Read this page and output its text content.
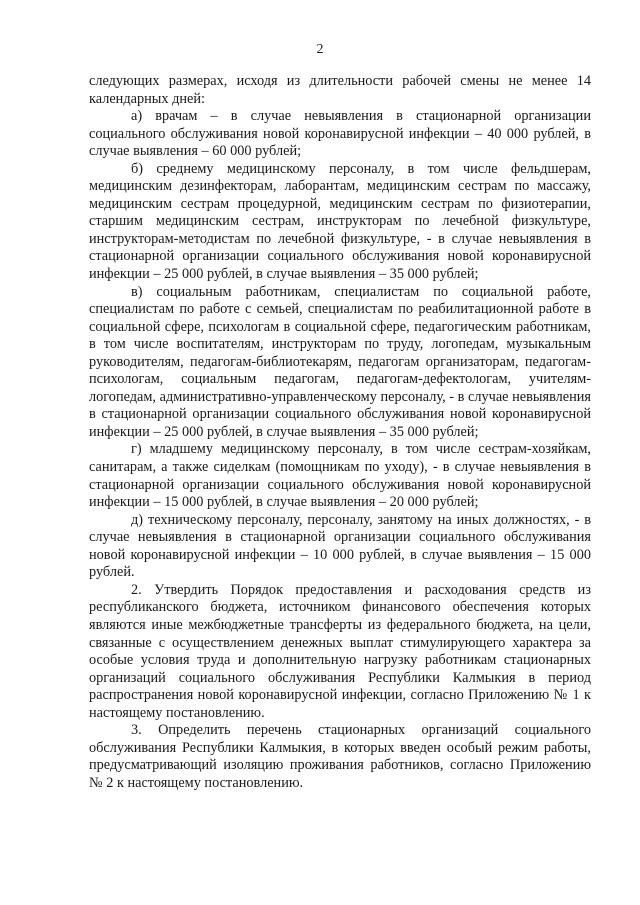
2

следующих размерах, исходя из длительности рабочей смены не менее 14 календарных дней:

а) врачам – в случае невыявления в стационарной организации социального обслуживания новой коронавирусной инфекции – 40 000 рублей, в случае выявления – 60 000 рублей;

б) среднему медицинскому персоналу, в том числе фельдшерам, медицинским дезинфекторам, лаборантам, медицинским сестрам по массажу, медицинским сестрам процедурной, медицинским сестрам по физиотерапии, старшим медицинским сестрам, инструкторам по лечебной физкультуре, инструкторам-методистам по лечебной физкультуре, - в случае невыявления в стационарной организации социального обслуживания новой коронавирусной инфекции – 25 000 рублей, в случае выявления – 35 000 рублей;

в) социальным работникам, специалистам по социальной работе, специалистам по работе с семьей, специалистам по реабилитационной работе в социальной сфере, психологам в социальной сфере, педагогическим работникам, в том числе воспитателям, инструкторам по труду, логопедам, музыкальным руководителям, педагогам-библиотекарям, педагогам организаторам, педагогам-психологам, социальным педагогам, педагогам-дефектологам, учителям-логопедам, административно-управленческому персоналу, - в случае невыявления в стационарной организации социального обслуживания новой коронавирусной инфекции – 25 000 рублей, в случае выявления – 35 000 рублей;

г) младшему медицинскому персоналу, в том числе сестрам-хозяйкам, санитарам, а также сиделкам (помощникам по уходу), - в случае невыявления в стационарной организации социального обслуживания новой коронавирусной инфекции – 15 000 рублей, в случае выявления – 20 000 рублей;

д) техническому персоналу, персоналу, занятому на иных должностях, - в случае невыявления в стационарной организации социального обслуживания новой коронавирусной инфекции – 10 000 рублей, в случае выявления – 15 000 рублей.

2. Утвердить Порядок предоставления и расходования средств из республиканского бюджета, источником финансового обеспечения которых являются иные межбюджетные трансферты из федерального бюджета, на цели, связанные с осуществлением денежных выплат стимулирующего характера за особые условия труда и дополнительную нагрузку работникам стационарных организаций социального обслуживания Республики Калмыкия в период распространения новой коронавирусной инфекции, согласно Приложению № 1 к настоящему постановлению.

3. Определить перечень стационарных организаций социального обслуживания Республики Калмыкия, в которых введен особый режим работы, предусматривающий изоляцию проживания работников, согласно Приложению № 2 к настоящему постановлению.
